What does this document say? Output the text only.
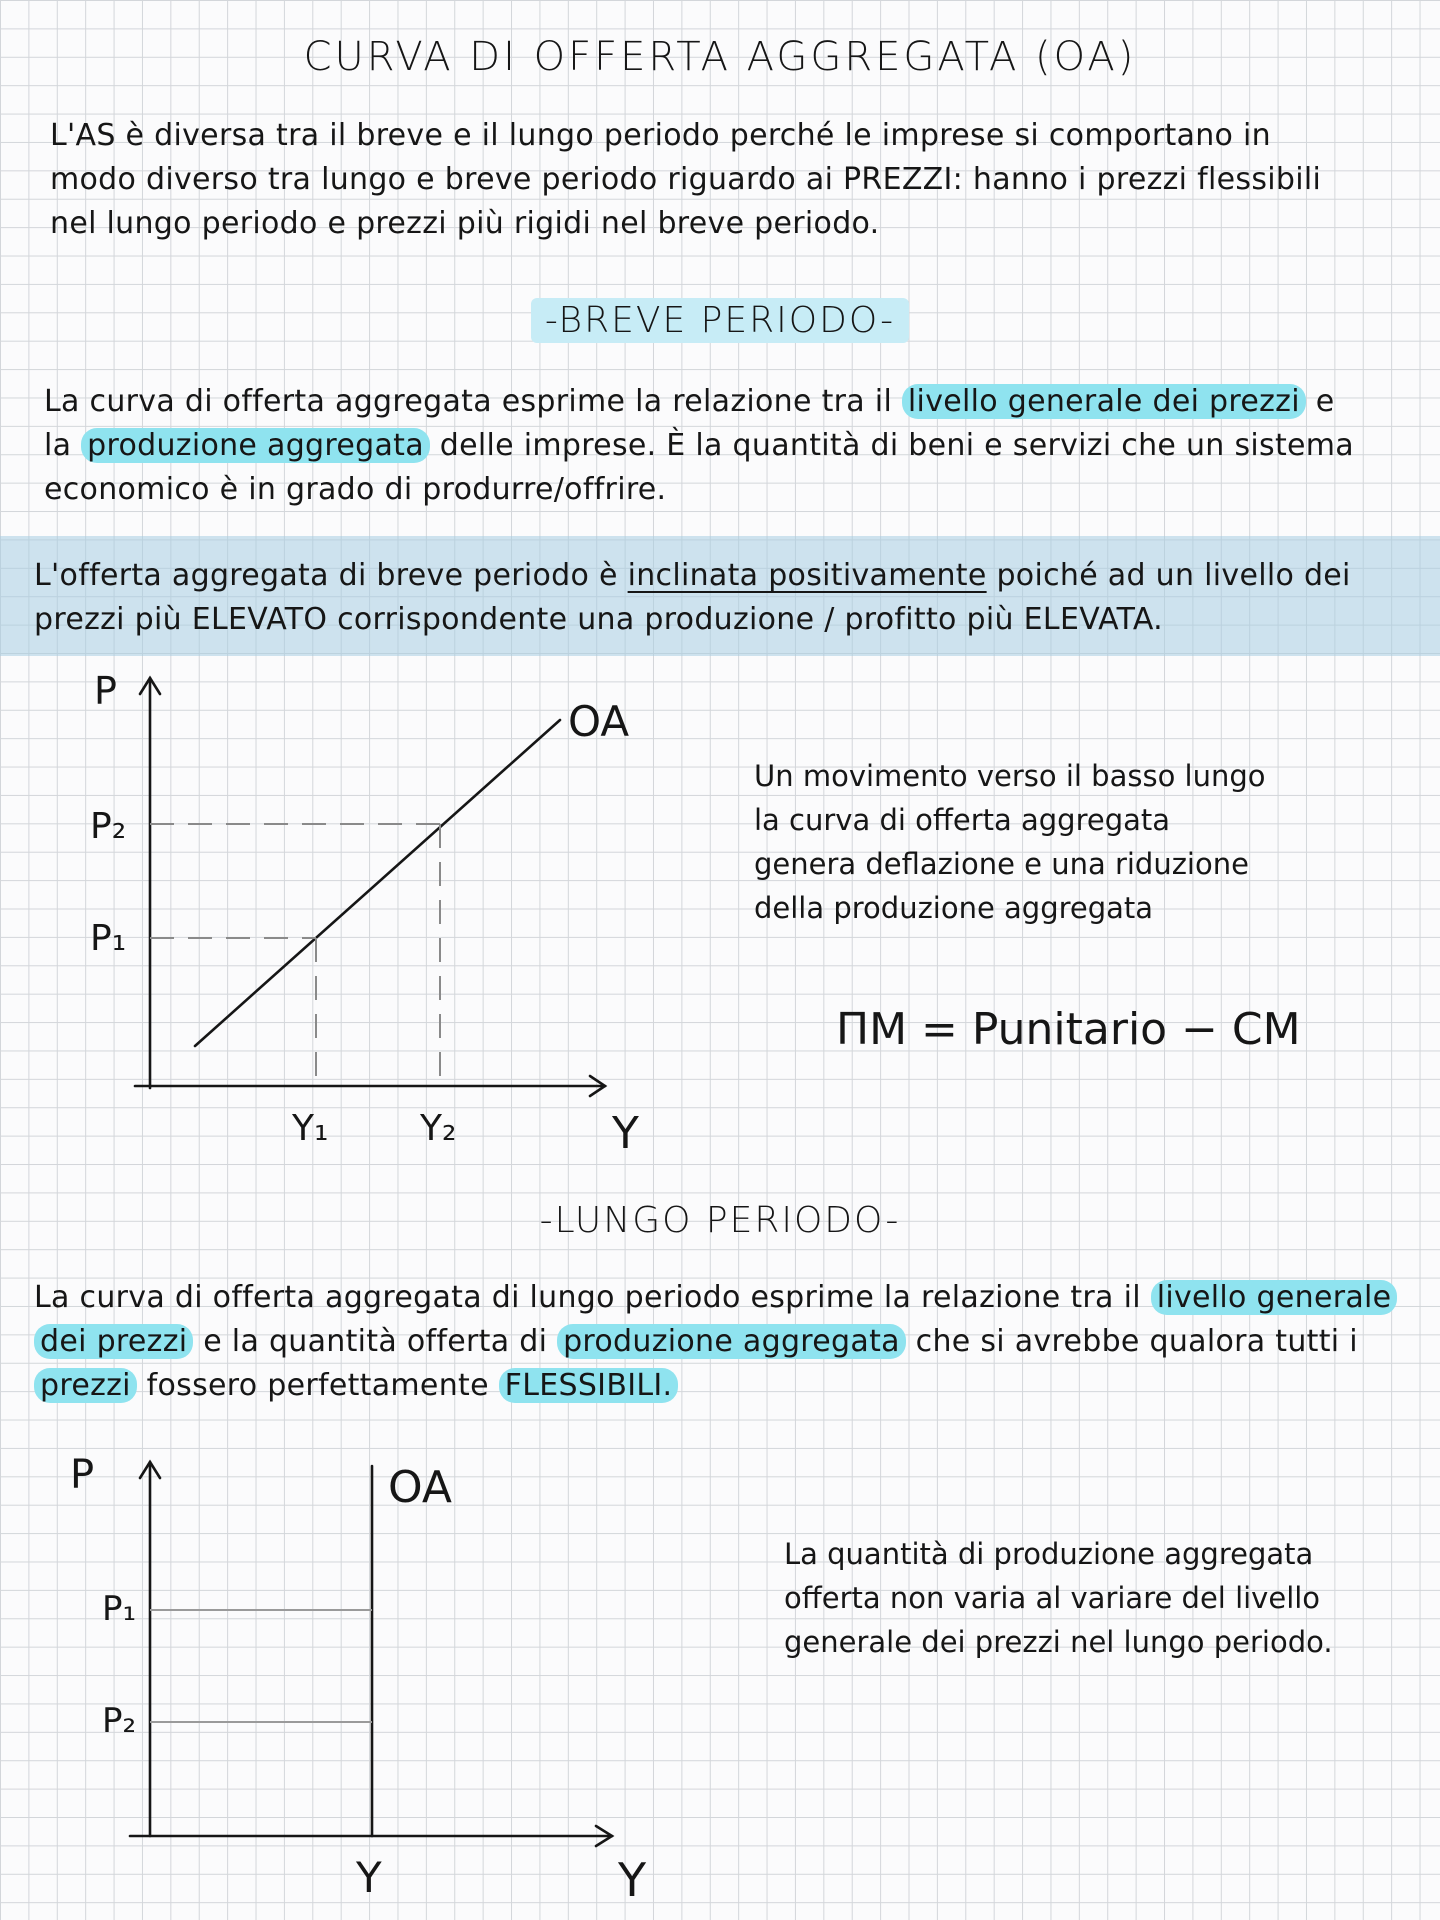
CURVA DI OFFERTA AGGREGATA (OA)

L'AS è diversa tra il breve e il lungo periodo perché le imprese si comportano in

modo diverso tra lungo e breve periodo riguardo ai PREZZI: hanno i prezzi flessibili

nel lungo periodo e prezzi più rigidi nel breve periodo.

-BREVE PERIODO-

La curva di offerta aggregata esprime la relazione tra il livello generale dei prezzi e

la produzione aggregata delle imprese. È la quantità di beni e servizi che un sistema

economico è in grado di produrre/offrire.

L'offerta aggregata di breve periodo è inclinata positivamente poiché ad un livello dei

prezzi più ELEVATO corrispondente una produzione / profitto più ELEVATA.

P
OA
P₂
P₁
Y₁	Y₂	Y

Un movimento verso il basso lungo

la curva di offerta aggregata

genera deflazione e una riduzione

della produzione aggregata

ΠM = Punitario − CM
-LUNGO PERIODO-

La curva di offerta aggregata di lungo periodo esprime la relazione tra il livello generale

dei prezzi e la quantità offerta di produzione aggregata che si avrebbe qualora tutti i

prezzi fossero perfettamente FLESSIBILI.

P	OA
P₁
P₂
Y	Y

La quantità di produzione aggregata

offerta non varia al variare del livello

generale dei prezzi nel lungo periodo.
